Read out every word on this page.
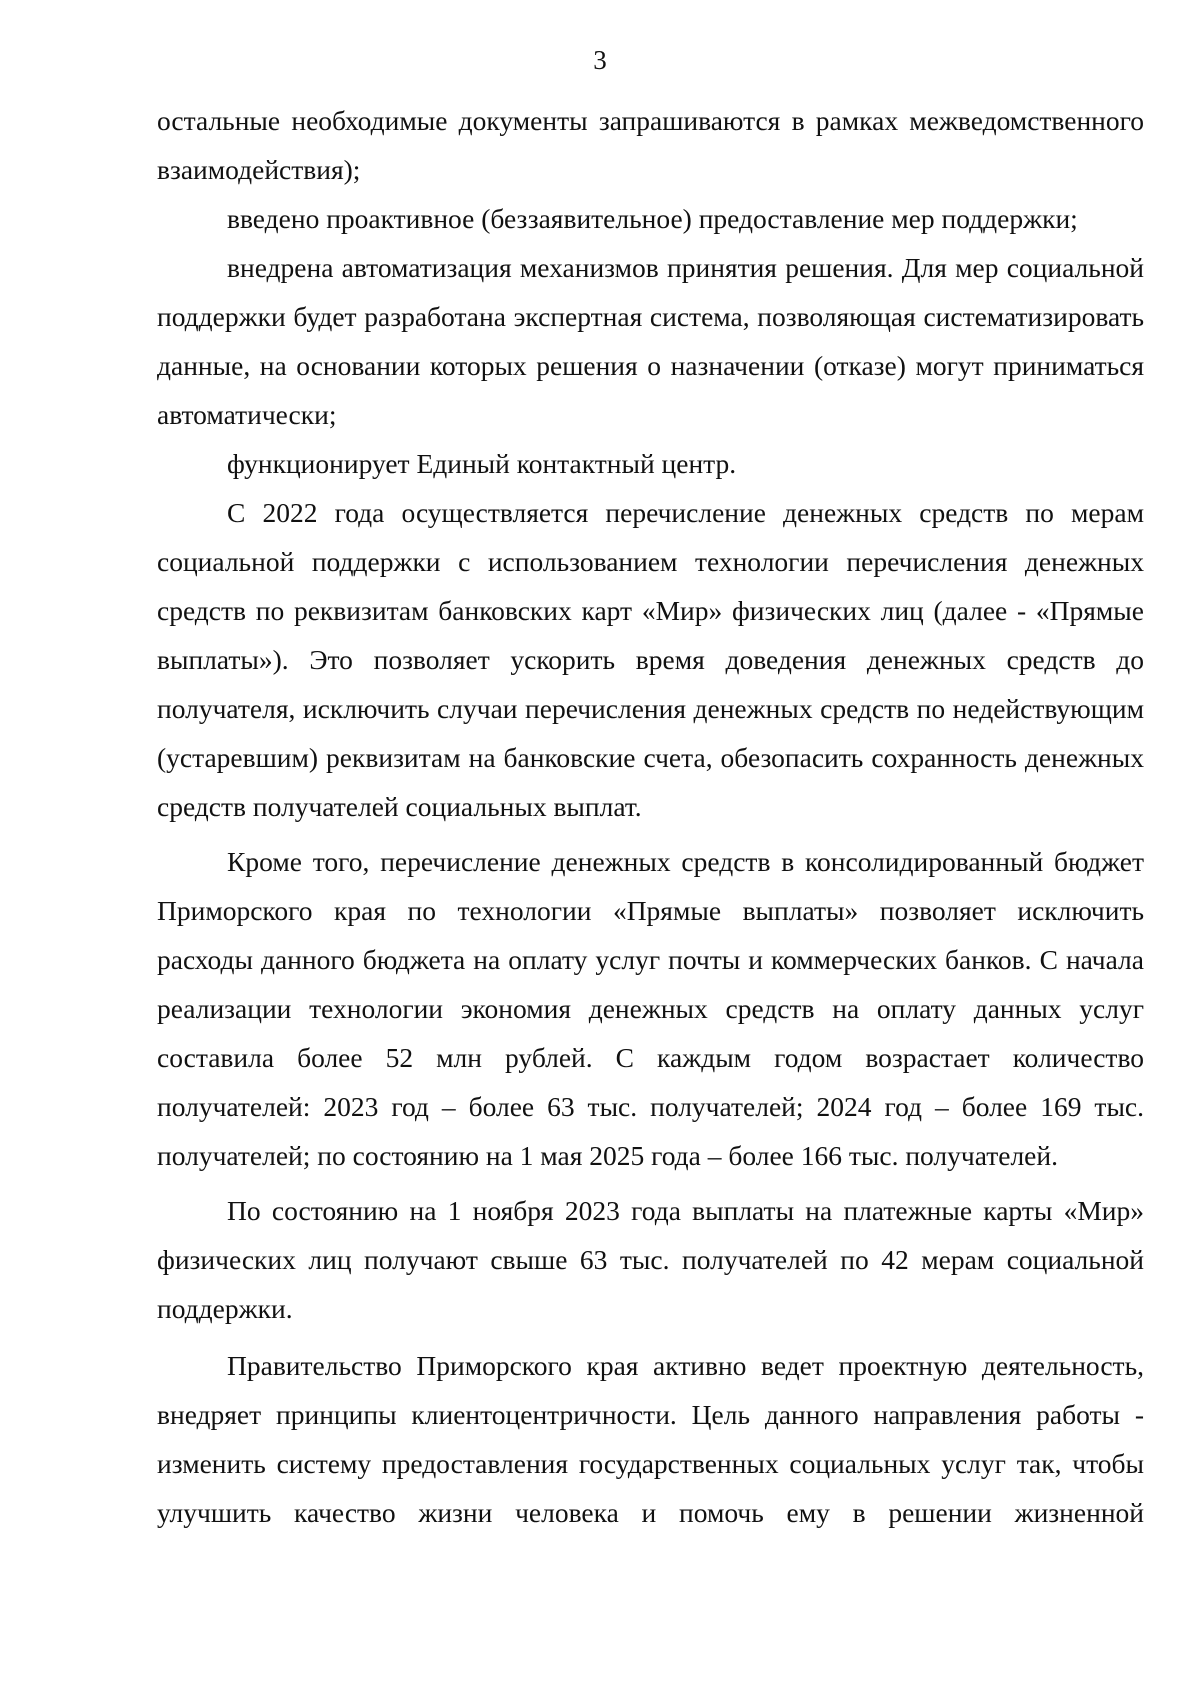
3

остальные необходимые документы запрашиваются в рамках межведомственного взаимодействия);

введено проактивное (беззаявительное) предоставление мер поддержки;

внедрена автоматизация механизмов принятия решения. Для мер социальной поддержки будет разработана экспертная система, позволяющая систематизировать данные, на основании которых решения о назначении (отказе) могут приниматься автоматически;

функционирует Единый контактный центр.

С 2022 года осуществляется перечисление денежных средств по мерам социальной поддержки с использованием технологии перечисления денежных средств по реквизитам банковских карт «Мир» физических лиц (далее - «Прямые выплаты»). Это позволяет ускорить время доведения денежных средств до получателя, исключить случаи перечисления денежных средств по недействующим (устаревшим) реквизитам на банковские счета, обезопасить сохранность денежных средств получателей социальных выплат.

Кроме того, перечисление денежных средств в консолидированный бюджет Приморского края по технологии «Прямые выплаты» позволяет исключить расходы данного бюджета на оплату услуг почты и коммерческих банков. С начала реализации технологии экономия денежных средств на оплату данных услуг составила более 52 млн рублей. С каждым годом возрастает количество получателей: 2023 год – более 63 тыс. получателей; 2024 год – более 169 тыс. получателей; по состоянию на 1 мая 2025 года – более 166 тыс. получателей.

По состоянию на 1 ноября 2023 года выплаты на платежные карты «Мир» физических лиц получают свыше 63 тыс. получателей по 42 мерам социальной поддержки.

Правительство Приморского края активно ведет проектную деятельность, внедряет принципы клиентоцентричности. Цель данного направления работы - изменить систему предоставления государственных социальных услуг так, чтобы улучшить качество жизни человека и помочь ему в решении жизненной
